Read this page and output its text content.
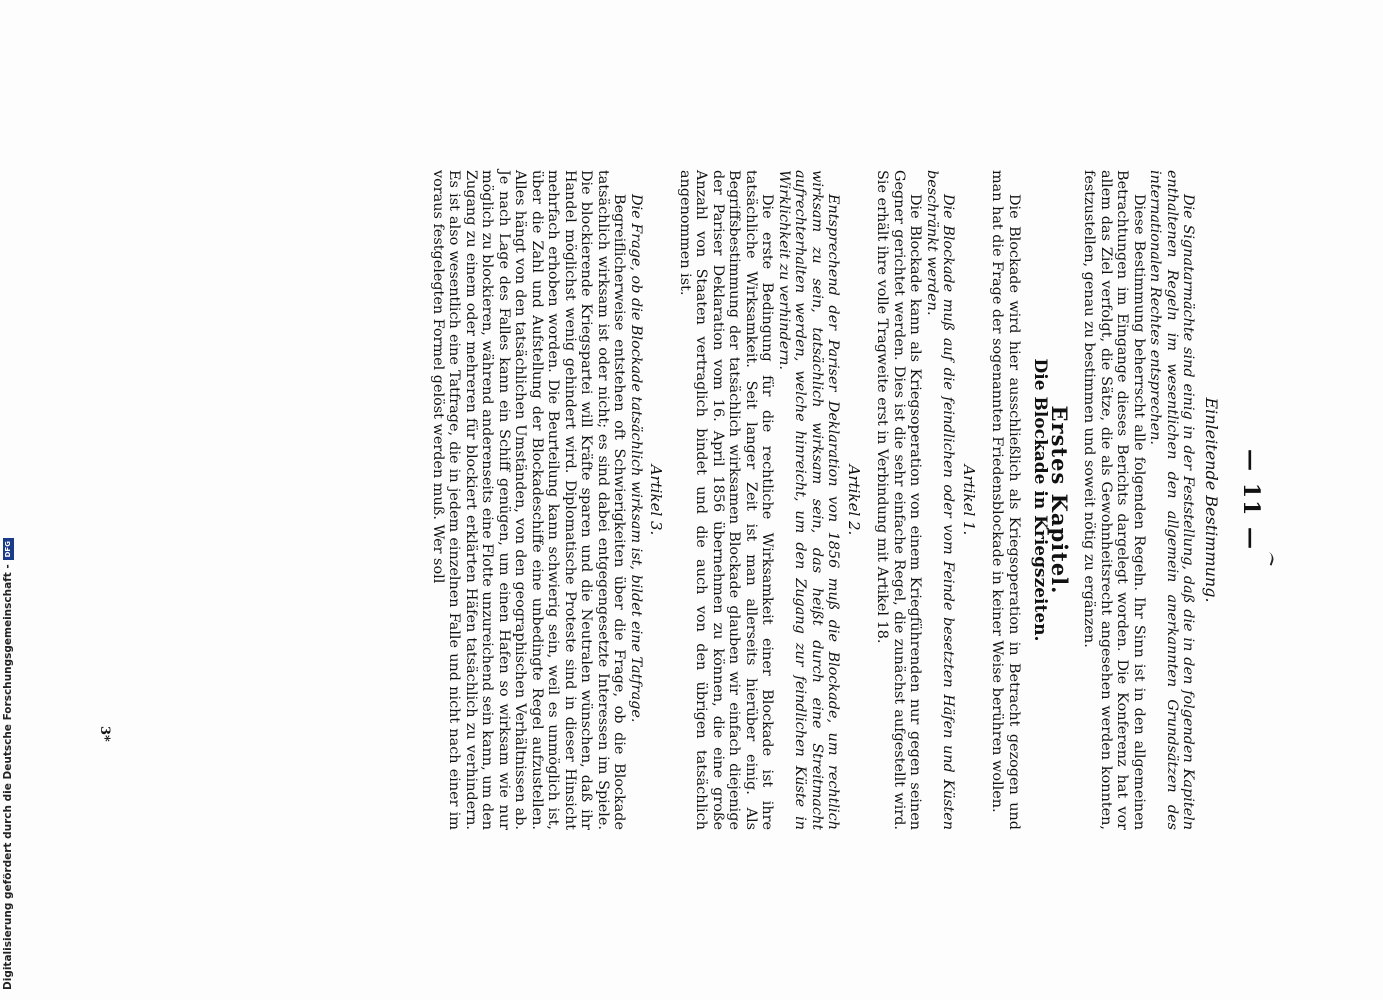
— 11 —
Einleitende Bestimmung.

Die Signatarmächte sind einig in der Feststellung, daß die in den folgenden Kapiteln enthaltenen Regeln im wesentlichen den allgemein anerkannten Grundsätzen des internationalen Rechtes entsprechen.

Diese Bestimmung beherrscht alle folgenden Regeln. Ihr Sinn ist in den allgemeinen Betrachtungen im Eingange dieses Berichts dargelegt worden. Die Konferenz hat vor allem das Ziel verfolgt, die Sätze, die als Gewohnheitsrecht angesehen werden konnten, festzustellen, genau zu bestimmen und soweit nötig zu ergänzen.

Erstes Kapitel.
Die Blockade in Kriegszeiten.

Die Blockade wird hier ausschließlich als Kriegsoperation in Betracht gezogen und man hat die Frage der sogenannten Friedensblockade in keiner Weise berühren wollen.

Artikel 1.

Die Blockade muß auf die feindlichen oder vom Feinde besetzten Häfen und Küsten beschränkt werden.

Die Blockade kann als Kriegsoperation von einem Kriegführenden nur gegen seinen Gegner gerichtet werden. Dies ist die sehr einfache Regel, die zunächst aufgestellt wird. Sie erhält ihre volle Tragweite erst in Verbindung mit Artikel 18.

Artikel 2.

Entsprechend der Pariser Deklaration von 1856 muß die Blockade, um rechtlich wirksam zu sein, tatsächlich wirksam sein, das heißt durch eine Streitmacht aufrechterhalten werden, welche hinreicht, um den Zugang zur feindlichen Küste in Wirklichkeit zu verhindern.

Die erste Bedingung für die rechtliche Wirksamkeit einer Blockade ist ihre tatsächliche Wirksamkeit. Seit langer Zeit ist man allerseits hierüber einig. Als Begriffsbestimmung der tatsächlich wirksamen Blockade glauben wir einfach diejenige der Pariser Deklaration vom 16. April 1856 übernehmen zu können, die eine große Anzahl von Staaten vertraglich bindet und die auch von den übrigen tatsächlich angenommen ist.

Artikel 3.

Die Frage, ob die Blockade tatsächlich wirksam ist, bildet eine Tatfrage.

Begreiflicherweise entstehen oft Schwierigkeiten über die Frage, ob die Blockade tatsächlich wirksam ist oder nicht; es sind dabei entgegengesetzte Interessen im Spiele. Die blockierende Kriegspartei will Kräfte sparen und die Neutralen wünschen, daß ihr Handel möglichst wenig gehindert wird. Diplomatische Proteste sind in dieser Hinsicht mehrfach erhoben worden. Die Beurteilung kann schwierig sein, weil es unmöglich ist, über die Zahl und Aufstellung der Blockadeschiffe eine unbedingte Regel aufzustellen. Alles hängt von den tatsächlichen Umständen, von den geographischen Verhältnissen ab. Je nach Lage des Falles kann ein Schiff genügen, um einen Hafen so wirksam wie nur möglich zu blockieren, während anderenseits eine Flotte unzureichend sein kann, um den Zugang zu einem oder mehreren für blockiert erklärten Häfen tatsächlich zu verhindern. Es ist also wesentlich eine Tatfrage, die in jedem einzelnen Falle und nicht nach einer im voraus festgelegten Formel gelöst werden muß. Wer soll

3*
Digitalisierung gefördert durch die Deutsche Forschungsgemeinschaft -
DFG
